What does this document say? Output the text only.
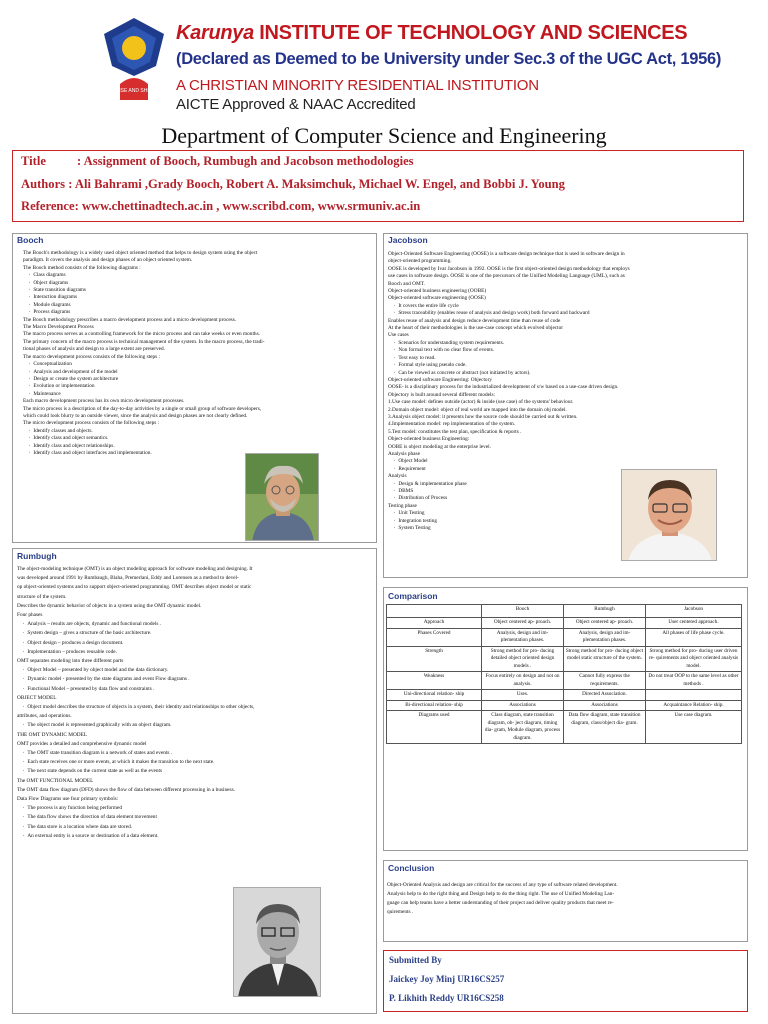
ARISE AND SHINE
Karunya INSTITUTE OF TECHNOLOGY AND SCIENCES
(Declared as Deemed to be University under Sec.3 of the UGC Act, 1956)
A CHRISTIAN MINORITY RESIDENTIAL INSTITUTION
AICTE Approved & NAAC Accredited
Department of Computer Science and Engineering
Title : Assignment of Booch, Rumbugh and Jacobson methodologies
Authors : Ali Bahrami ,Grady Booch, Robert A. Maksimchuk, Michael W. Engel, and Bobbi J. Young
Reference: www.chettinadtech.ac.in , www.scribd.com, www.srmuniv.ac.in
Booch
The Booch's methodology is a widely used object oriented method that helps to design system using the object
paradigm. It covers the analysis and design phases of an object oriented system.
The Booch method consists of the following diagrams :
∙ Class diagrams
∙ Object diagrams
∙ State transition diagrams
∙ Interaction diagrams
∙ Module diagrams
∙ Process diagrams
The Booch methodology prescribes a macro development process and a micro development process.
The Macro Development Process
The macro process serves as a controlling framework for the micro process and can take weeks or even months.
The primary concern of the macro process is technical management of the system. In the macro process, the tradi-
tional phases of analysis and design to a large extent are preserved.
The macro development process consists of the following steps :
∙ Conceptualization
∙ Analysis and development of the model
∙ Design or create the system architecture
∙ Evolution or implementation
∙ Maintenance
Each macro development process has its own micro development processes.
The micro process is a description of the day-to-day activities by a single or small group of software developers,
which could look blurry to an outside viewer, since the analysis and design phases are not clearly defined.
The micro development process consists of the following steps :
∙ Identify classes and objects.
∙ Identify class and object semantics.
∙ Identify class and object relationships.
∙ Identify class and object interfaces and implementation.
Rumbugh
The object-modeling technique (OMT) is an object modeling approach for software modeling and designing. It
was developed around 1991 by Rumbaugh, Blaha, Premerlani, Eddy and Lorensen as a method to devel-
op object-oriented systems and to support object-oriented programming. OMT describes object model or static
structure of the system.
Describes the dynamic behavior of objects in a system using the OMT dynamic model.
Four phases
∙ Analysis – results are objects, dynamic and functional models .
∙ System design – gives a structure of the basic architecture.
∙ Object design – produces a design document.
∙ Implementation – produces reusable code.
OMT separates modeling into three different parts
∙ Object Model – presented by object model and the data dictionary.
∙ Dynamic model - presented by the state diagrams and event Flow diagrams .
∙ Functional Model – presented by data flow and constraints .
OBJECT MODEL
∙ Object model describes the structure of objects in a system, their identity and relationships to other objects,
attributes, and operations.
∙ The object model is represented graphically with an object diagram.
THE OMT DYNAMIC MODEL
OMT provides a detailed and comprehensive dynamic model
∙ The OMT state transition diagram is a network of states and events .
∙ Each state receives one or more events, at which it makes the transition to the next state.
∙ The next state depends on the current state as well as the events
The OMT FUNCTIONAL MODEL
The OMT data flow diagram (DFD) shows the flow of data between different processing in a business.
Data Flow Diagrams use four primary symbols:
∙ The process is any function being performed
∙ The data flow shows the direction of data element movement
∙ The data store is a location where data are stored.
∙ An external entity is a source or destination of a data element.
Jacobson
Object-Oriented Software Engineering (OOSE) is a software design technique that is used in software design in
object-oriented programming.
OOSE is developed by Ivar Jacobson in 1992. OOSE is the first object-oriented design methodology that employs
use cases in software design. OOSE is one of the precursors of the Unified Modeling Language (UML), such as
Booch and OMT.
Object-oriented business engineering (OOBE)
Object-oriented software engineering (OOSE)
∙ It covers the entire life cycle
∙ Stress traceability (enables reuse of analysis and design work) both forward and backward
Enables reuse of analysis and design reduce development time than reuse of code
At the heart of their methodologies is the use-case concept which evolved objector
Use cases
∙ Scenarios for understanding system requirements.
∙ Non formal text with no clear flow of events.
∙ Text easy to read.
∙ Formal style using pseudo code.
∙ Can be viewed as concrete or abstract (not initiated by actors).
Object-oriented software Engineering: Objectory
OOSE- is a disciplinary process for the industrialized development of s/w based on a use-case driven design.
Objectory is built around several different models:
1.Use case model: defines outside (actor) & inside (use case) of the systems' behaviour.
2.Domain object model: object of real world are mapped into the domain obj model.
3.Analysis object model: it presents how the source code should be carried out & written.
4.Implementation model: rep implementation of the system.
5.Test model: constitutes the test plan, specification & reports .
Object-oriented business Engineering:
OOBE is object modeling at the enterprise level.
Analysis phase
∙ Object Model
∙ Requirement
Analysis
∙ Design & implementation phase
∙ DBMS
∙ Distribution of Process
Testing phase
∙ Unit Testing
∙ Integration testing
∙ System Testing
Comparison
	Booch	Rumbugh	Jacobson
Approach	Object centered ap- proach.	Object centered ap- proach.	User centered approach.
Phases Covered	Analysis, design and im- plementation phases.	Analysis, design and im- plementation phases.	All phases of life phase cycle.
Strength	Strong method for pro- ducing detailed object oriented design models .	Strong method for pro- ducing object model static structure of the system.	Strong method for pro- ducing user driven re- quirements and object oriented analysis model.
Weakness	Focus entirely on design and not on analysis.	Cannot fully express the requirements.	Do not treat OOP to the same level as other methods .
Uni-directional relation- ship	Uses.	Directed Association.	
Bi-directional relation- ship	Associations	Associations	Acquaintance Relation- ship.
Diagrams used	Class diagram, state transition diagram, ob- ject diagram, timing dia- gram, Module diagram, process diagram.	Data flow diagram, state transition diagram, class/object dia- gram.	Use case diagram.
Conclusion
Object-Oriented Analysis and design are critical for the success of any type of software related development.
Analysis help to do the right thing and Design help to do the thing right. The use of Unified Modeling Lan-
guage can help teams have a better understanding of their project and deliver quality products that meet re-
quirements .
Submitted By
Jaickey Joy Minj UR16CS257
P. Likhith Reddy UR16CS258
